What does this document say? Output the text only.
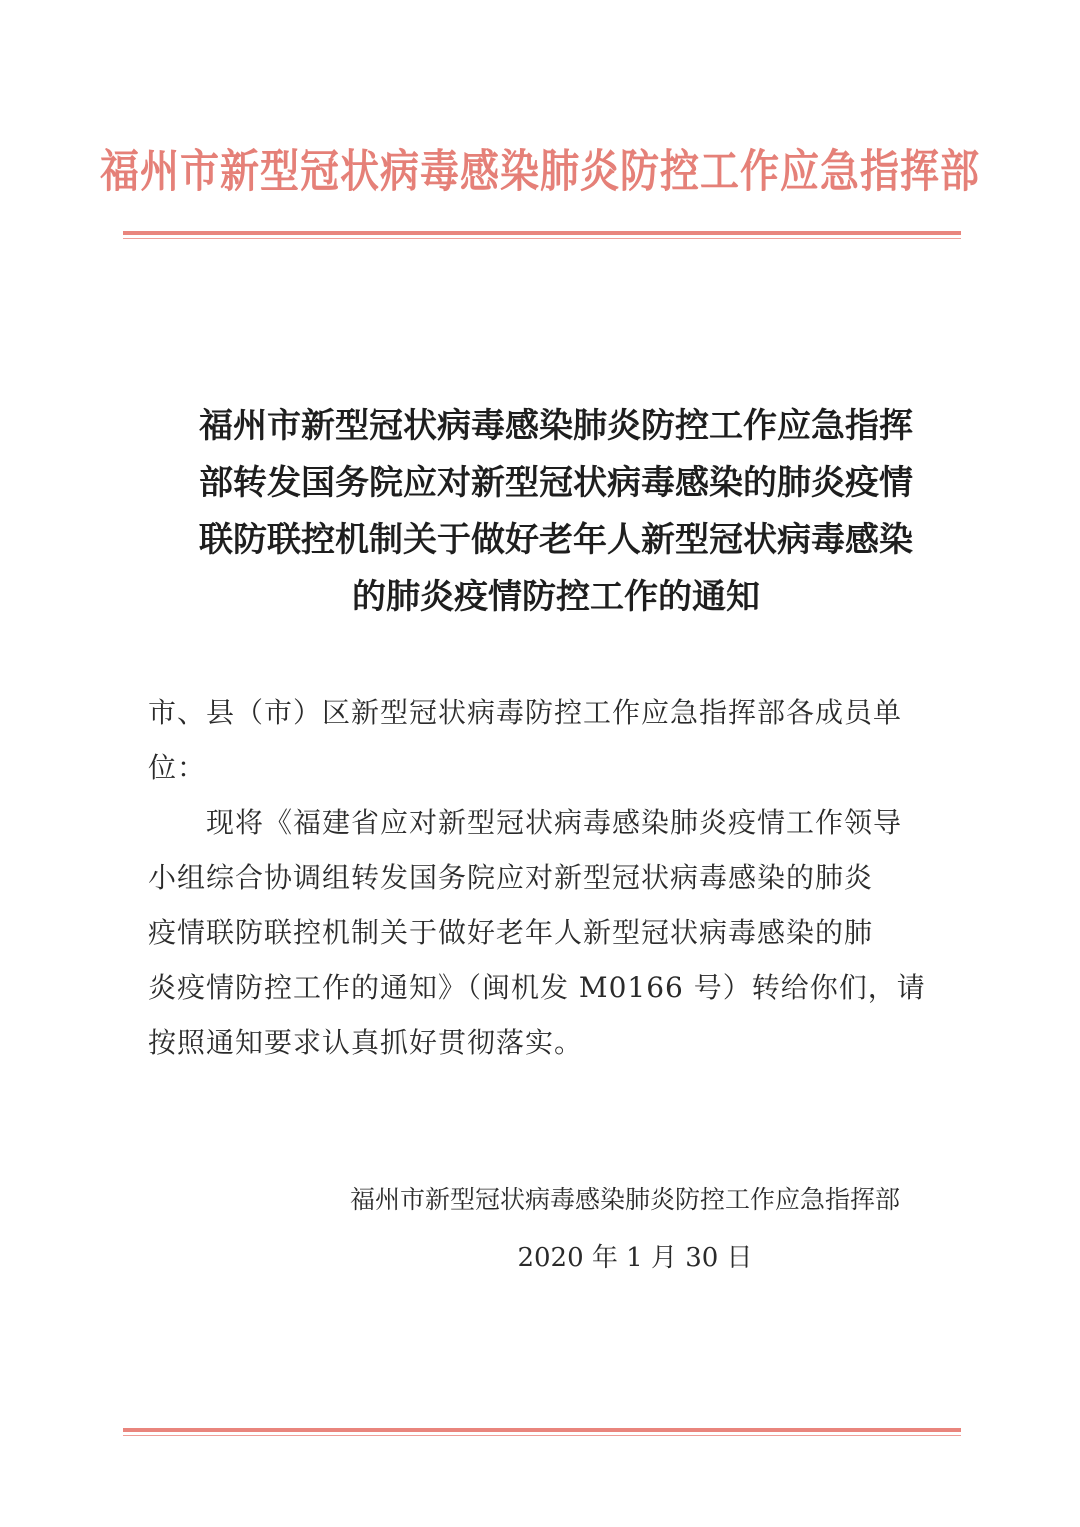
福州市新型冠状病毒感染肺炎防控工作应急指挥部
福州市新型冠状病毒感染肺炎防控工作应急指挥
部转发国务院应对新型冠状病毒感染的肺炎疫情
联防联控机制关于做好老年人新型冠状病毒感染
的肺炎疫情防控工作的通知
市、县（市）区新型冠状病毒防控工作应急指挥部各成员单
位：
　　现将《福建省应对新型冠状病毒感染肺炎疫情工作领导
小组综合协调组转发国务院应对新型冠状病毒感染的肺炎
疫情联防联控机制关于做好老年人新型冠状病毒感染的肺
炎疫情防控工作的通知》（闽机发 M0166 号）转给你们，请
按照通知要求认真抓好贯彻落实。
福州市新型冠状病毒感染肺炎防控工作应急指挥部
2020 年 1 月 30 日
